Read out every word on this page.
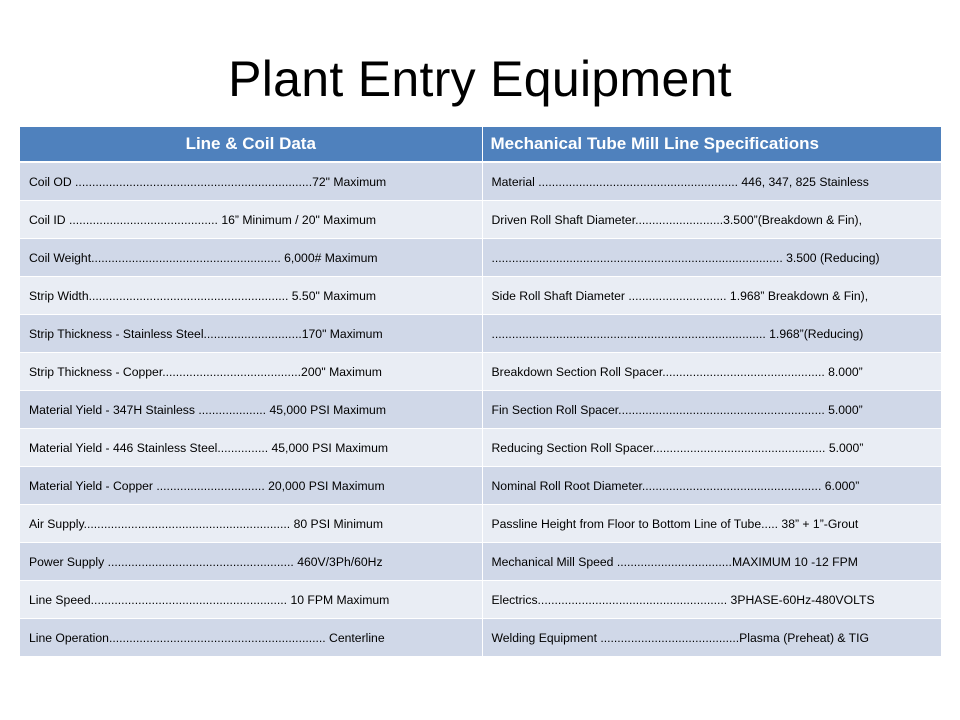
Plant Entry Equipment
Line & Coil Data	Mechanical Tube Mill Line Specifications
Coil OD ......................................................................72" Maximum	Material ........................................................... 446, 347, 825 Stainless
Coil ID ............................................ 16” Minimum / 20" Maximum	Driven Roll Shaft Diameter..........................3.500”(Breakdown & Fin),
Coil Weight........................................................ 6,000# Maximum	...................................................................................... 3.500 (Reducing)
Strip Width........................................................... 5.50" Maximum	Side Roll Shaft Diameter ............................. 1.968” Breakdown & Fin),
Strip Thickness - Stainless Steel.............................170" Maximum	................................................................................. 1.968”(Reducing)
Strip Thickness - Copper.........................................200" Maximum	Breakdown Section Roll Spacer................................................ 8.000”
Material Yield - 347H Stainless .................... 45,000 PSI Maximum	Fin Section Roll Spacer............................................................. 5.000”
Material Yield - 446 Stainless Steel............... 45,000 PSI Maximum	Reducing Section Roll Spacer................................................... 5.000”
Material Yield - Copper ................................ 20,000 PSI Maximum	Nominal Roll Root Diameter..................................................... 6.000”
Air Supply............................................................. 80 PSI Minimum	Passline Height from Floor to Bottom Line of Tube..... 38” + 1”-Grout
Power Supply ....................................................... 460V/3Ph/60Hz	Mechanical Mill Speed ..................................MAXIMUM 10 -12 FPM
Line Speed.......................................................... 10 FPM Maximum	Electrics........................................................ 3PHASE-60Hz-480VOLTS
Line Operation................................................................ Centerline	Welding Equipment .........................................Plasma (Preheat) & TIG
